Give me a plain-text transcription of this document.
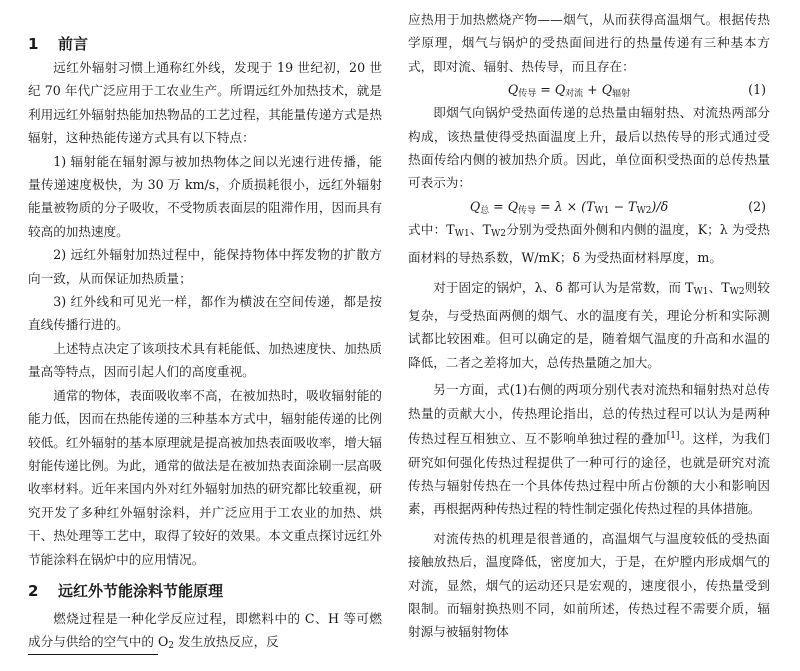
1 前言

远红外辐射习惯上通称红外线，发现于 19 世纪初，20 世纪 70 年代广泛应用于工农业生产。所谓远红外加热技术，就是利用远红外辐射热能加热物品的工艺过程，其能量传递方式是热辐射，这种热能传递方式具有以下特点：

1) 辐射能在辐射源与被加热物体之间以光速行进传播，能量传递速度极快，为 30 万 km/s，介质损耗很小，远红外辐射能量被物质的分子吸收，不受物质表面层的阻滞作用，因而具有较高的加热速度。

2) 远红外辐射加热过程中，能保持物体中挥发物的扩散方向一致，从而保证加热质量；

3) 红外线和可见光一样，都作为横波在空间传递，都是按直线传播行进的。

上述特点决定了该项技术具有耗能低、加热速度快、加热质量高等特点，因而引起人们的高度重视。

通常的物体，表面吸收率不高，在被加热时，吸收辐射能的能力低，因而在热能传递的三种基本方式中，辐射能传递的比例较低。红外辐射的基本原理就是提高被加热表面吸收率，增大辐射能传递比例。为此，通常的做法是在被加热表面涂刷一层高吸收率材料。近年来国内外对红外辐射加热的研究都比较重视，研究开发了多种红外辐射涂料，并广泛应用于工农业的加热、烘干、热处理等工艺中，取得了较好的效果。本文重点探讨远红外节能涂料在锅炉中的应用情况。

2 远红外节能涂料节能原理

燃烧过程是一种化学反应过程，即燃料中的 C、H 等可燃成分与供给的空气中的 $O_2$ 发生放热反应，反

应热用于加热燃烧产物——烟气，从而获得高温烟气。根据传热学原理，烟气与锅炉的受热面间进行的热量传递有三种基本方式，即对流、辐射、热传导，而且存在：

$Q_{传导} = Q_{对流} + Q_{辐射}$	(1)

即烟气向锅炉受热面传递的总热量由辐射热、对流热两部分构成，该热量使得受热面温度上升，最后以热传导的形式通过受热面传给内侧的被加热介质。因此，单位面积受热面的总传热量可表示为：

$Q_总 = Q_{传导} = \lambda \times (T_{W1} - T_{W2})/\delta$	(2)

式中：$T_{W1}$、$T_{W2}$分别为受热面外侧和内侧的温度，K；λ 为受热面材料的导热系数，W/mK；δ 为受热面材料厚度，m。

对于固定的锅炉，λ、δ 都可认为是常数，而 $T_{W1}$、$T_{W2}$则较复杂，与受热面两侧的烟气、水的温度有关，理论分析和实际测试都比较困难。但可以确定的是，随着烟气温度的升高和水温的降低，二者之差将加大，总传热量随之加大。

另一方面，式(1)右侧的两项分别代表对流热和辐射热对总传热量的贡献大小，传热理论指出，总的传热过程可以认为是两种传热过程互相独立、互不影响单独过程的叠加[1]。这样，为我们研究如何强化传热过程提供了一种可行的途径，也就是研究对流传热与辐射传热在一个具体传热过程中所占份额的大小和影响因素，再根据两种传热过程的特性制定强化传热过程的具体措施。

对流传热的机理是很普通的，高温烟气与温度较低的受热面接触放热后，温度降低，密度加大，于是，在炉膛内形成烟气的对流，显然，烟气的运动还只是宏观的，速度很小，传热量受到限制。而辐射换热则不同，如前所述，传热过程不需要介质，辐射源与被辐射物体
